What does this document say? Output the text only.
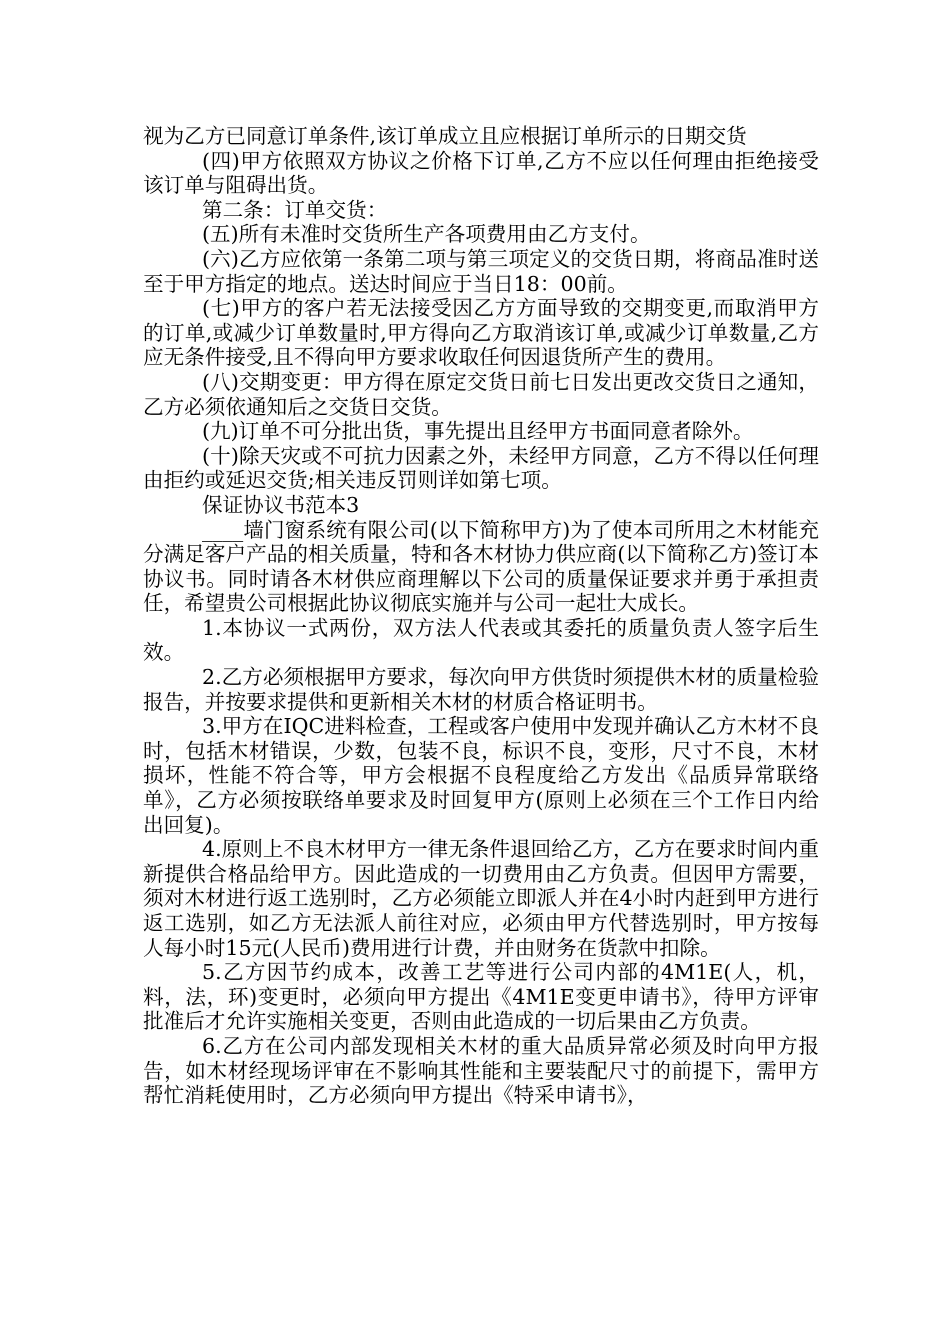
视为乙方已同意订单条件,该订单成立且应根据订单所示的日期交货

(四)甲方依照双方协议之价格下订单,乙方不应以任何理由拒绝接受该订单与阻碍出货。

第二条：订单交货：

(五)所有未准时交货所生产各项费用由乙方支付。

(六)乙方应依第一条第二项与第三项定义的交货日期，将商品准时送至于甲方指定的地点。送达时间应于当日18：00前。

(七)甲方的客户若无法接受因乙方方面导致的交期变更,而取消甲方的订单,或减少订单数量时,甲方得向乙方取消该订单,或减少订单数量,乙方应无条件接受,且不得向甲方要求收取任何因退货所产生的费用。

(八)交期变更：甲方得在原定交货日前七日发出更改交货日之通知，乙方必须依通知后之交货日交货。

(九)订单不可分批出货，事先提出且经甲方书面同意者除外。

(十)除天灾或不可抗力因素之外，未经甲方同意，乙方不得以任何理由拒约或延迟交货;相关违反罚则详如第七项。

保证协议书范本3

____墙门窗系统有限公司(以下简称甲方)为了使本司所用之木材能充分满足客户产品的相关质量，特和各木材协力供应商(以下简称乙方)签订本协议书。同时请各木材供应商理解以下公司的质量保证要求并勇于承担责任，希望贵公司根据此协议彻底实施并与公司一起壮大成长。

1.本协议一式两份，双方法人代表或其委托的质量负责人签字后生效。

2.乙方必须根据甲方要求，每次向甲方供货时须提供木材的质量检验报告，并按要求提供和更新相关木材的材质合格证明书。

3.甲方在IQC进料检查，工程或客户使用中发现并确认乙方木材不良时，包括木材错误，少数，包装不良，标识不良，变形，尺寸不良，木材损坏，性能不符合等，甲方会根据不良程度给乙方发出《品质异常联络单》，乙方必须按联络单要求及时回复甲方(原则上必须在三个工作日内给出回复)。

4.原则上不良木材甲方一律无条件退回给乙方，乙方在要求时间内重新提供合格品给甲方。因此造成的一切费用由乙方负责。但因甲方需要，须对木材进行返工选别时，乙方必须能立即派人并在4小时内赶到甲方进行返工选别，如乙方无法派人前往对应，必须由甲方代替选别时，甲方按每人每小时15元(人民币)费用进行计费，并由财务在货款中扣除。

5.乙方因节约成本，改善工艺等进行公司内部的4M1E(人，机，料，法，环)变更时，必须向甲方提出《4M1E变更申请书》，待甲方评审批准后才允许实施相关变更，否则由此造成的一切后果由乙方负责。

6.乙方在公司内部发现相关木材的重大品质异常必须及时向甲方报告，如木材经现场评审在不影响其性能和主要装配尺寸的前提下，需甲方帮忙消耗使用时，乙方必须向甲方提出《特采申请书》，
